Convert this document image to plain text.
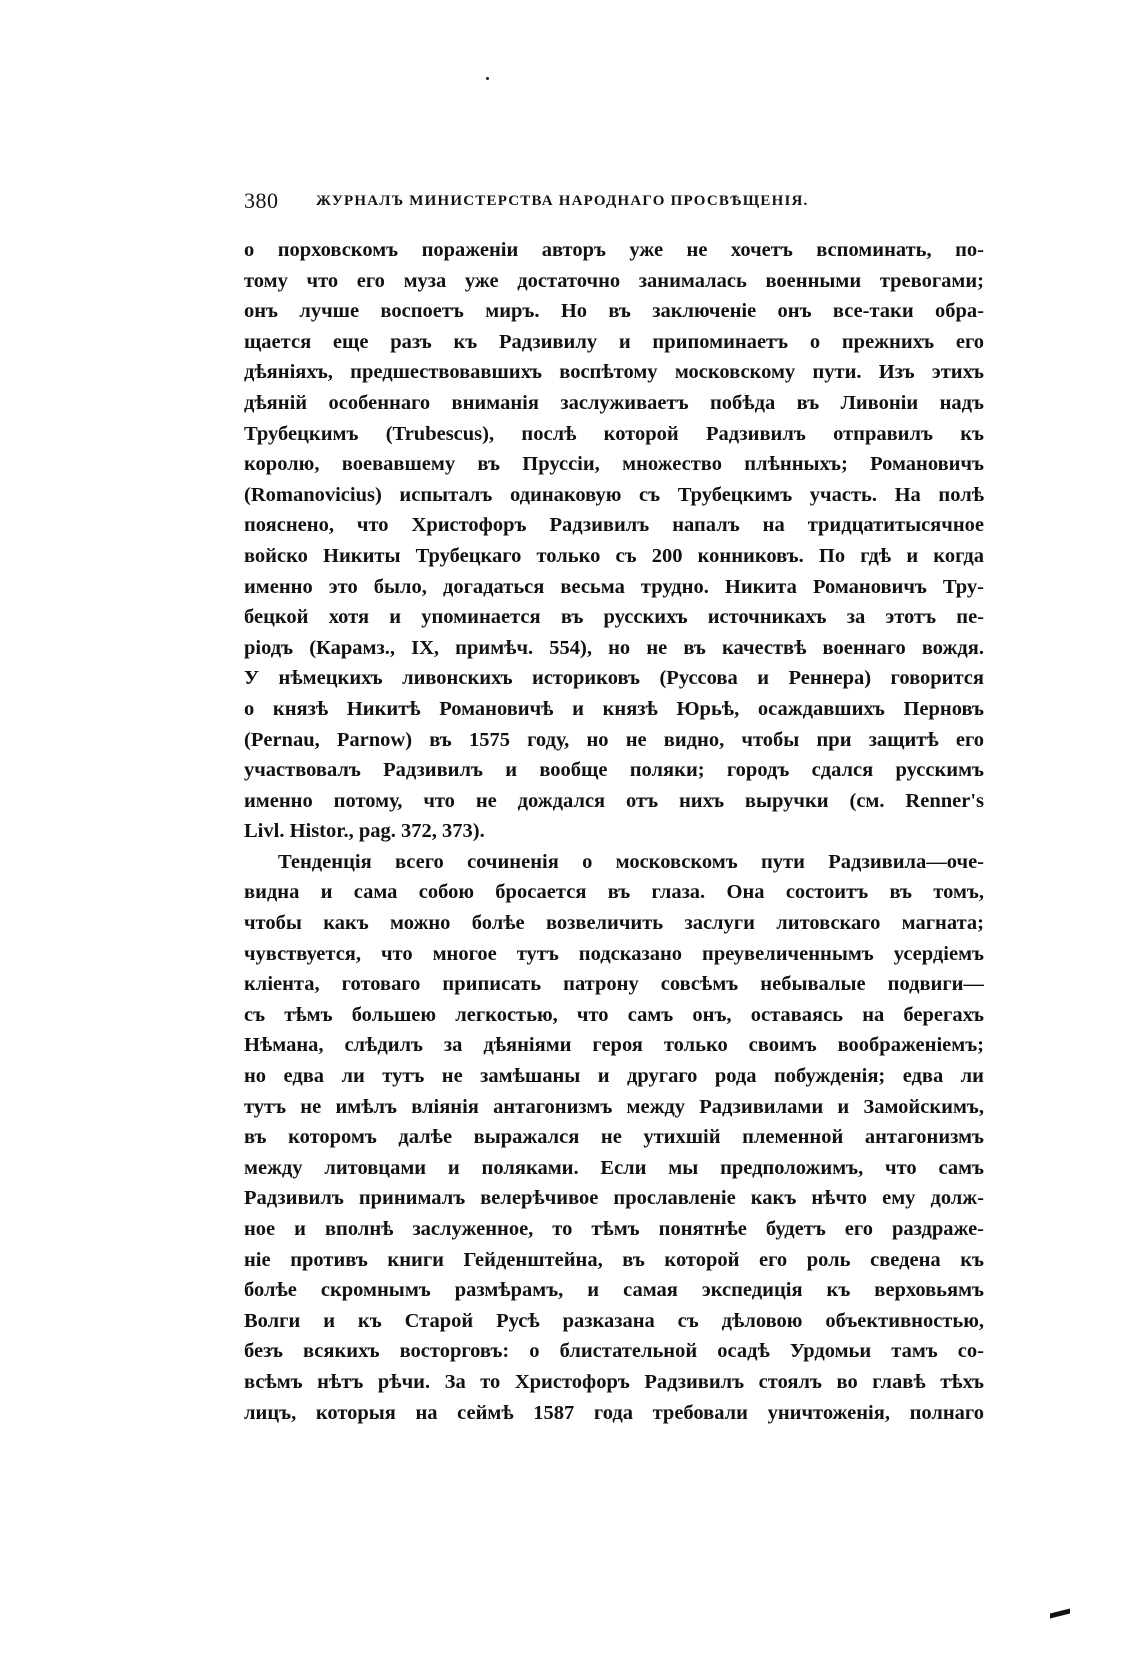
380	ЖУРНАЛЪ МИНИСТЕРСТВА НАРОДНАГО ПРОСВѢЩЕНІЯ.
о порховскомъ пораженіи авторъ уже не хочетъ вспоминать, по-
тому что его муза уже достаточно занималась военными тревогами;
онъ лучше воспоетъ миръ. Но въ заключеніе онъ все-таки обра-
щается еще разъ къ Радзивилу и припоминаетъ о прежнихъ его
дѣяніяхъ, предшествовавшихъ воспѣтому московскому пути. Изъ этихъ
дѣяній особеннаго вниманія заслуживаетъ побѣда въ Ливоніи надъ
Трубецкимъ (Trubescus), послѣ которой Радзивилъ отправилъ къ
королю, воевавшему въ Пруссіи, множество плѣнныхъ; Романовичъ
(Romanovicius) испыталъ одинаковую съ Трубецкимъ участь. На полѣ
пояснено, что Христофоръ Радзивилъ напалъ на тридцатитысячное
войско Никиты Трубецкаго только съ 200 конниковъ. По гдѣ и когда
именно это было, догадаться весьма трудно. Никита Романовичъ Тру-
бецкой хотя и упоминается въ русскихъ источникахъ за этотъ пе-
ріодъ (Карамз., IX, примѣч. 554), но не въ качествѣ военнаго вождя.
У нѣмецкихъ ливонскихъ историковъ (Руссова и Реннера) говорится
о князѣ Никитѣ Романовичѣ и князѣ Юрьѣ, осаждавшихъ Перновъ
(Pernau, Parnow) въ 1575 году, но не видно, чтобы при защитѣ его
участвовалъ Радзивилъ и вообще поляки; городъ сдался русскимъ
именно потому, что не дождался отъ нихъ выручки (см. Renner's
Livl. Histor., pag. 372, 373).
Тенденція всего сочиненія о московскомъ пути Радзивила—оче-
видна и сама собою бросается въ глаза. Она состоитъ въ томъ,
чтобы какъ можно болѣе возвеличить заслуги литовскаго магната;
чувствуется, что многое тутъ подсказано преувеличеннымъ усердіемъ
кліента, готоваго приписать патрону совсѣмъ небывалые подвиги—
съ тѣмъ большею легкостью, что самъ онъ, оставаясь на берегахъ
Нѣмана, слѣдилъ за дѣяніями героя только своимъ воображеніемъ;
но едва ли тутъ не замѣшаны и другаго рода побужденія; едва ли
тутъ не имѣлъ вліянія антагонизмъ между Радзивилами и Замойскимъ,
въ которомъ далѣе выражался не утихшій племенной антагонизмъ
между литовцами и поляками. Если мы предположимъ, что самъ
Радзивилъ принималъ велерѣчивое прославленіе какъ нѣчто ему долж-
ное и вполнѣ заслуженное, то тѣмъ понятнѣе будетъ его раздраже-
ніе противъ книги Гейденштейна, въ которой его роль сведена къ
болѣе скромнымъ размѣрамъ, и самая экспедиція къ верховьямъ
Волги и къ Старой Русѣ разказана съ дѣловою объективностью,
безъ всякихъ восторговъ: о блистательной осадѣ Урдомьи тамъ со-
всѣмъ нѣтъ рѣчи. За то Христофоръ Радзивилъ стоялъ во главѣ тѣхъ
лицъ, которыя на сеймѣ 1587 года требовали уничтоженія, полнаго
